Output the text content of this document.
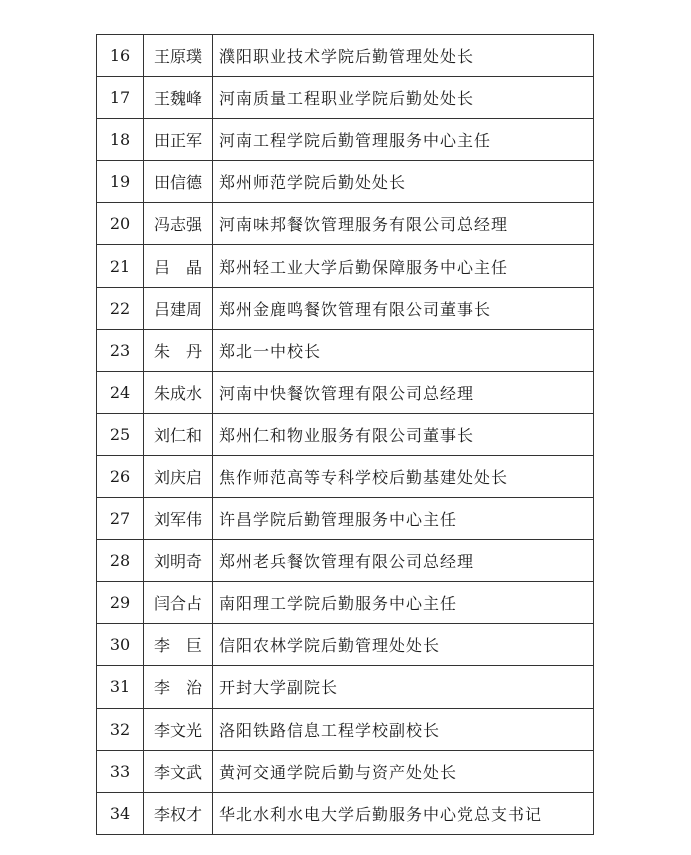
16	王原璞	濮阳职业技术学院后勤管理处处长
17	王魏峰	河南质量工程职业学院后勤处处长
18	田正军	河南工程学院后勤管理服务中心主任
19	田信德	郑州师范学院后勤处处长
20	冯志强	河南味邦餐饮管理服务有限公司总经理
21	吕　晶	郑州轻工业大学后勤保障服务中心主任
22	吕建周	郑州金鹿鸣餐饮管理有限公司董事长
23	朱　丹	郑北一中校长
24	朱成水	河南中快餐饮管理有限公司总经理
25	刘仁和	郑州仁和物业服务有限公司董事长
26	刘庆启	焦作师范高等专科学校后勤基建处处长
27	刘军伟	许昌学院后勤管理服务中心主任
28	刘明奇	郑州老兵餐饮管理有限公司总经理
29	闫合占	南阳理工学院后勤服务中心主任
30	李　巨	信阳农林学院后勤管理处处长
31	李　治	开封大学副院长
32	李文光	洛阳铁路信息工程学校副校长
33	李文武	黄河交通学院后勤与资产处处长
34	李权才	华北水利水电大学后勤服务中心党总支书记
